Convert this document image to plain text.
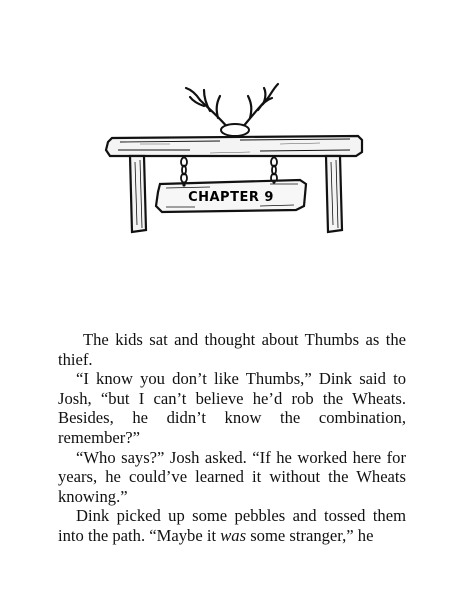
CHAPTER 9

The kids sat and thought about Thumbs as the thief.

“I know you don’t like Thumbs,” Dink said to Josh, “but I can’t believe he’d rob the Wheats. Besides, he didn’t know the combination, remember?”

“Who says?” Josh asked. “If he worked here for years, he could’ve learned it without the Wheats knowing.”

Dink picked up some pebbles and tossed them into the path. “Maybe it was some stranger,” he
